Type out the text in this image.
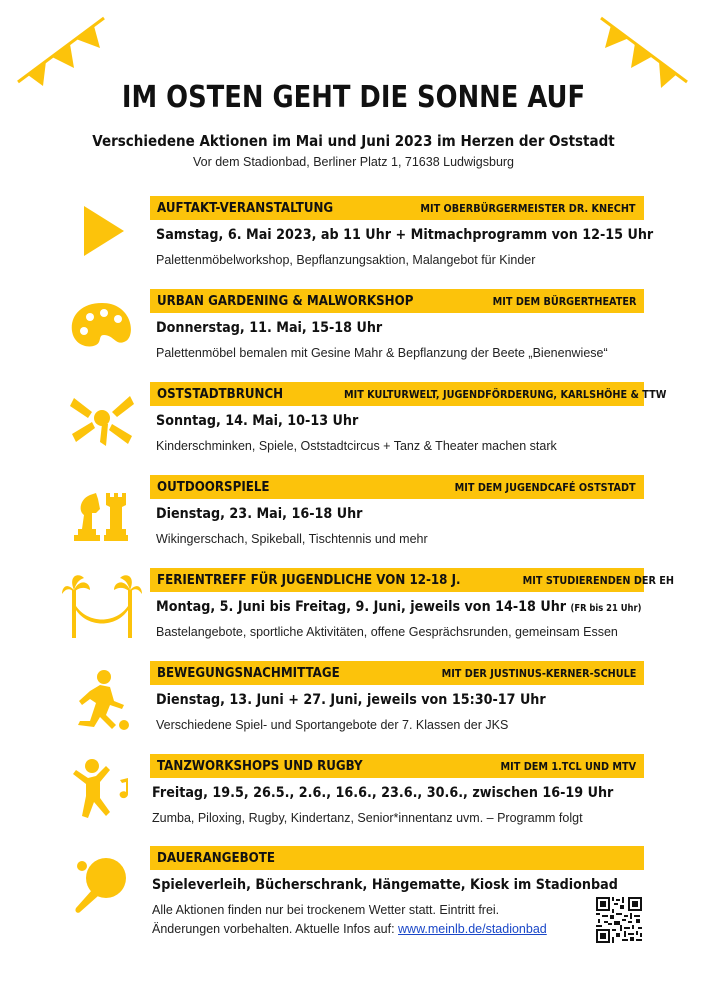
IM OSTEN GEHT DIE SONNE AUF
Verschiedene Aktionen im Mai und Juni 2023 im Herzen der Oststadt
Vor dem Stadionbad, Berliner Platz 1, 71638 Ludwigsburg
AUFTAKT-VERANSTALTUNG	MIT OBERBÜRGERMEISTER DR. KNECHT
Samstag, 6. Mai 2023, ab 11 Uhr + Mitmachprogramm von 12-15 Uhr
Palettenmöbelworkshop, Bepflanzungsaktion, Malangebot für Kinder
URBAN GARDENING & MALWORKSHOP	MIT DEM BÜRGERTHEATER
Donnerstag, 11. Mai, 15-18 Uhr
Palettenmöbel bemalen mit Gesine Mahr & Bepflanzung der Beete „Bienenwiese“
OSTSTADTBRUNCH	MIT KULTURWELT, JUGENDFÖRDERUNG, KARLSHÖHE & TTW
Sonntag, 14. Mai, 10-13 Uhr
Kinderschminken, Spiele, Oststadtcircus + Tanz & Theater machen stark
OUTDOORSPIELE	MIT DEM JUGENDCAFÉ OSTSTADT
Dienstag, 23. Mai, 16-18 Uhr
Wikingerschach, Spikeball, Tischtennis und mehr
FERIENTREFF FÜR JUGENDLICHE VON 12-18 J.	MIT STUDIERENDEN DER EH
Montag, 5. Juni bis Freitag, 9. Juni, jeweils von 14-18 Uhr (FR bis 21 Uhr)
Bastelangebote, sportliche Aktivitäten, offene Gesprächsrunden, gemeinsam Essen
BEWEGUNGSNACHMITTAGE	MIT DER JUSTINUS-KERNER-SCHULE
Dienstag, 13. Juni + 27. Juni, jeweils von 15:30-17 Uhr
Verschiedene Spiel- und Sportangebote der 7. Klassen der JKS
TANZWORKSHOPS UND RUGBY	MIT DEM 1.TCL UND MTV
Freitag, 19.5, 26.5., 2.6., 16.6., 23.6., 30.6., zwischen 16-19 Uhr
Zumba, Piloxing, Rugby, Kindertanz, Senior*innentanz uvm. – Programm folgt
DAUERANGEBOTE
Spieleverleih, Bücherschrank, Hängematte, Kiosk im Stadionbad
Alle Aktionen finden nur bei trockenem Wetter statt. Eintritt frei.
Änderungen vorbehalten. Aktuelle Infos auf: www.meinlb.de/stadionbad
